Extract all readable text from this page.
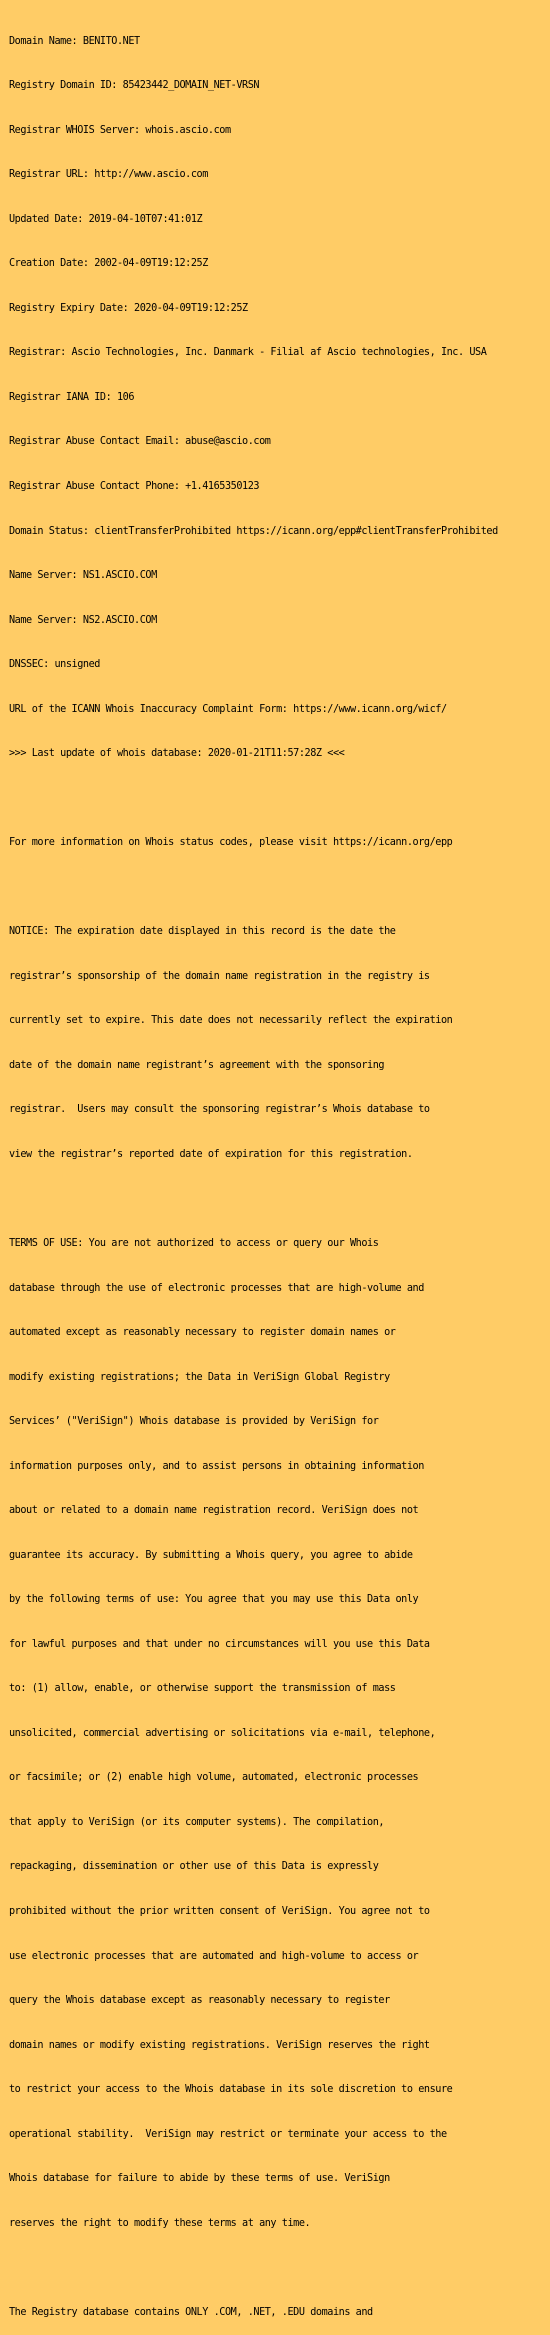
Domain Name: BENITO.NET

Registry Domain ID: 85423442_DOMAIN_NET-VRSN

Registrar WHOIS Server: whois.ascio.com

Registrar URL: http://www.ascio.com

Updated Date: 2019-04-10T07:41:01Z

Creation Date: 2002-04-09T19:12:25Z

Registry Expiry Date: 2020-04-09T19:12:25Z

Registrar: Ascio Technologies, Inc. Danmark - Filial af Ascio technologies, Inc. USA

Registrar IANA ID: 106

Registrar Abuse Contact Email: abuse@ascio.com

Registrar Abuse Contact Phone: +1.4165350123

Domain Status: clientTransferProhibited https://icann.org/epp#clientTransferProhibited

Name Server: NS1.ASCIO.COM

Name Server: NS2.ASCIO.COM

DNSSEC: unsigned

URL of the ICANN Whois Inaccuracy Complaint Form: https://www.icann.org/wicf/

>>> Last update of whois database: 2020-01-21T11:57:28Z <<<

For more information on Whois status codes, please visit https://icann.org/epp

NOTICE: The expiration date displayed in this record is the date the

registrar’s sponsorship of the domain name registration in the registry is

currently set to expire. This date does not necessarily reflect the expiration

date of the domain name registrant’s agreement with the sponsoring

registrar.  Users may consult the sponsoring registrar’s Whois database to

view the registrar’s reported date of expiration for this registration.

TERMS OF USE: You are not authorized to access or query our Whois

database through the use of electronic processes that are high-volume and

automated except as reasonably necessary to register domain names or

modify existing registrations; the Data in VeriSign Global Registry

Services’ ("VeriSign") Whois database is provided by VeriSign for

information purposes only, and to assist persons in obtaining information

about or related to a domain name registration record. VeriSign does not

guarantee its accuracy. By submitting a Whois query, you agree to abide

by the following terms of use: You agree that you may use this Data only

for lawful purposes and that under no circumstances will you use this Data

to: (1) allow, enable, or otherwise support the transmission of mass

unsolicited, commercial advertising or solicitations via e-mail, telephone,

or facsimile; or (2) enable high volume, automated, electronic processes

that apply to VeriSign (or its computer systems). The compilation,

repackaging, dissemination or other use of this Data is expressly

prohibited without the prior written consent of VeriSign. You agree not to

use electronic processes that are automated and high-volume to access or

query the Whois database except as reasonably necessary to register

domain names or modify existing registrations. VeriSign reserves the right

to restrict your access to the Whois database in its sole discretion to ensure

operational stability.  VeriSign may restrict or terminate your access to the

Whois database for failure to abide by these terms of use. VeriSign

reserves the right to modify these terms at any time.

The Registry database contains ONLY .COM, .NET, .EDU domains and
